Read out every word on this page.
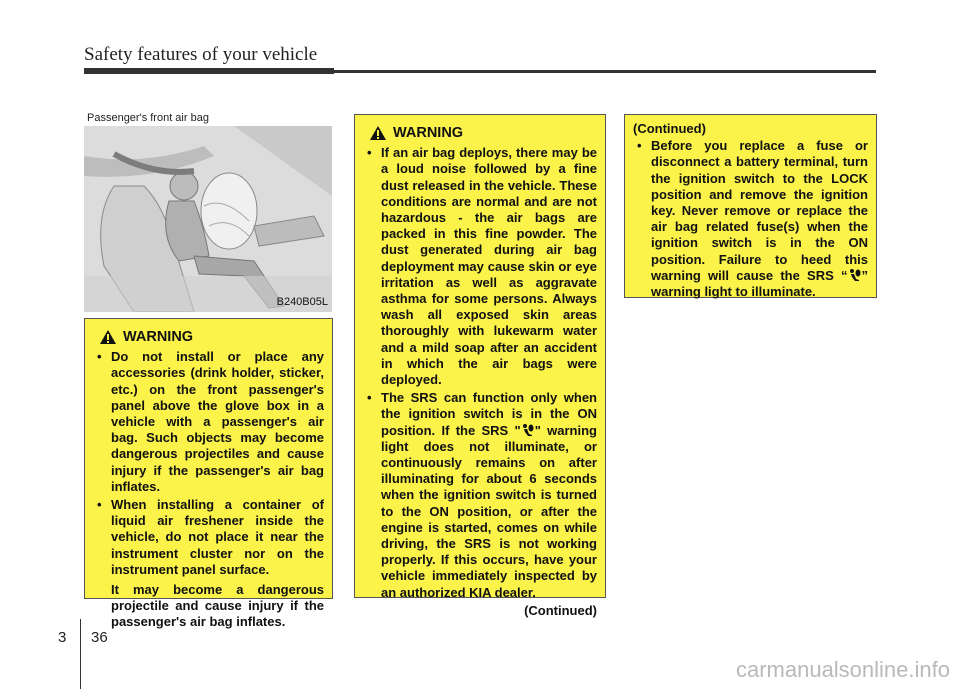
Safety features of your vehicle
Passenger's front air bag
B240B05L
WARNING
• Do not install or place any accessories (drink holder, sticker, etc.) on the front passenger's panel above the glove box in a vehicle with a passenger's air bag. Such objects may become dangerous projectiles and cause injury if the passenger's air bag inflates.
• When installing a container of liquid air freshener inside the vehicle, do not place it near the instrument cluster nor on the instrument panel surface.
It may become a dangerous projectile and cause injury if the passenger's air bag inflates.
WARNING
• If an air bag deploys, there may be a loud noise followed by a fine dust released in the vehicle. These conditions are normal and are not hazardous - the air bags are packed in this fine powder. The dust generated during air bag deployment may cause skin or eye irritation as well as aggravate asthma for some persons. Always wash all exposed skin areas thoroughly with lukewarm water and a mild soap after an accident in which the air bags were deployed.
• The SRS can function only when the ignition switch is in the ON position. If the SRS " " warning light does not illuminate, or continuously remains on after illuminating for about 6 seconds when the ignition switch is turned to the ON position, or after the engine is started, comes on while driving, the SRS is not working properly. If this occurs, have your vehicle immediately inspected by an authorized KIA dealer.
(Continued)
(Continued)
• Before you replace a fuse or disconnect a battery terminal, turn the ignition switch to the LOCK position and remove the ignition key. Never remove or replace the air bag related fuse(s) when the ignition switch is in the ON position. Failure to heed this warning will cause the SRS “ ” warning light to illuminate.
3 36
carmanualsonline.info
